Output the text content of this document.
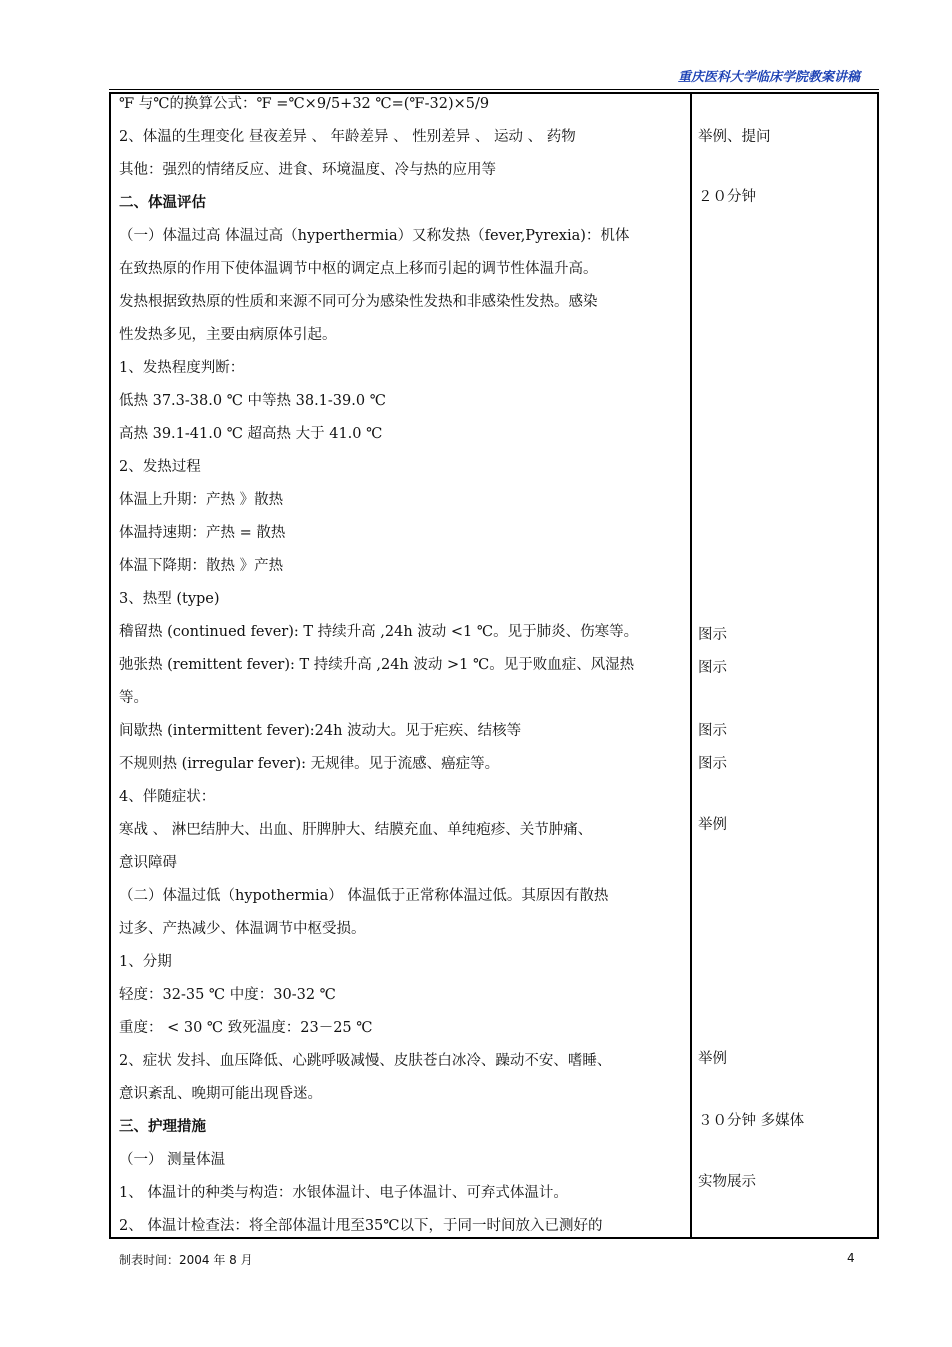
重庆医科大学临床学院教案讲稿
℉ 与℃的换算公式：℉ =℃×9/5+32 ℃=(℉-32)×5/9
2、体温的生理变化 昼夜差异 、 年龄差异 、 性别差异 、 运动 、 药物
其他：强烈的情绪反应、进食、环境温度、冷与热的应用等
二、体温评估
（一）体温过高 体温过高（hyperthermia）又称发热（fever,Pyrexia)：机体
在致热原的作用下使体温调节中枢的调定点上移而引起的调节性体温升高。
发热根据致热原的性质和来源不同可分为感染性发热和非感染性发热。感染
性发热多见，主要由病原体引起。
1、发热程度判断：
低热 37.3-38.0 ℃ 中等热 38.1-39.0 ℃
高热 39.1-41.0 ℃ 超高热 大于 41.0 ℃
2、发热过程
体温上升期：产热 》散热
体温持速期：产热 = 散热
体温下降期：散热 》产热
3、热型 (type)
稽留热 (continued fever): T 持续升高 ,24h 波动 <1 ℃。见于肺炎、伤寒等。
弛张热 (remittent fever): T 持续升高 ,24h 波动 >1 ℃。见于败血症、风湿热
等。
间歇热 (intermittent fever):24h 波动大。见于疟疾、结核等
不规则热 (irregular fever): 无规律。见于流感、癌症等。
4、伴随症状：
寒战 、 淋巴结肿大、出血、肝脾肿大、结膜充血、单纯疱疹、关节肿痛、
意识障碍
（二）体温过低（hypothermia） 体温低于正常称体温过低。其原因有散热
过多、产热减少、体温调节中枢受损。
1、分期
轻度：32-35 ℃ 中度：30-32 ℃
重度： < 30 ℃ 致死温度：23－25 ℃
2、症状 发抖、血压降低、心跳呼吸减慢、皮肤苍白冰冷、躁动不安、嗜睡、
意识紊乱、晚期可能出现昏迷。
三、护理措施
（一） 测量体温
1、 体温计的种类与构造：水银体温计、电子体温计、可弃式体温计。
2、 体温计检查法：将全部体温计甩至35℃以下，于同一时间放入已测好的
举例、提问
２０分钟
图示
图示
图示
图示
举例
举例
３０分钟 多媒体
实物展示
制表时间：2004 年 8 月	4
